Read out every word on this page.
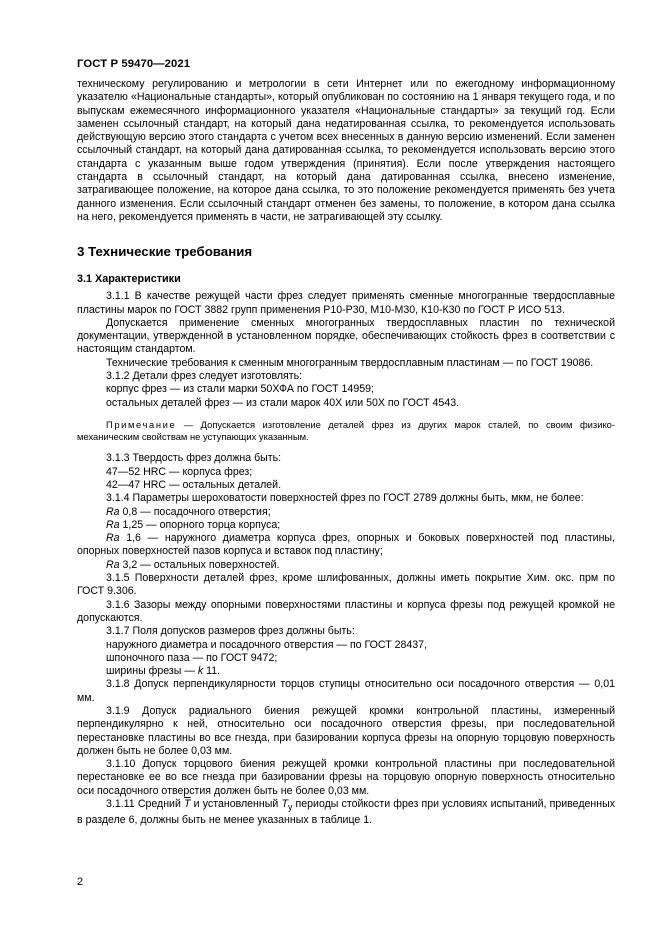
ГОСТ Р 59470—2021

техническому регулированию и метрологии в сети Интернет или по ежегодному информационному указателю «Национальные стандарты», который опубликован по состоянию на 1 января текущего года, и по выпускам ежемесячного информационного указателя «Национальные стандарты» за текущий год. Если заменен ссылочный стандарт, на который дана недатированная ссылка, то рекомендуется использовать действующую версию этого стандарта с учетом всех внесенных в данную версию изменений. Если заменен ссылочный стандарт, на который дана датированная ссылка, то рекомендуется использовать версию этого стандарта с указанным выше годом утверждения (принятия). Если после утверждения настоящего стандарта в ссылочный стандарт, на который дана датированная ссылка, внесено изменение, затрагивающее положение, на которое дана ссылка, то это положение рекомендуется применять без учета данного изменения. Если ссылочный стандарт отменен без замены, то положение, в котором дана ссылка на него, рекомендуется применять в части, не затрагивающей эту ссылку.

3 Технические требования

3.1 Характеристики

3.1.1 В качестве режущей части фрез следует применять сменные многогранные твердосплавные пластины марок по ГОСТ 3882 групп применения Р10-Р30, М10-М30, К10-К30 по ГОСТ Р ИСО 513.

Допускается применение сменных многогранных твердосплавных пластин по технической документации, утвержденной в установленном порядке, обеспечивающих стойкость фрез в соответствии с настоящим стандартом.

Технические требования к сменным многогранным твердосплавным пластинам — по ГОСТ 19086.

3.1.2 Детали фрез следует изготовлять:

корпус фрез — из стали марки 50ХФА по ГОСТ 14959;

остальных деталей фрез — из стали марок 40Х или 50Х по ГОСТ 4543.

Примечание — Допускается изготовление деталей фрез из других марок сталей, по своим физико-механическим свойствам не уступающих указанным.

3.1.3 Твердость фрез должна быть:

47—52 HRC — корпуса фрез;

42—47 HRC — остальных деталей.

3.1.4 Параметры шероховатости поверхностей фрез по ГОСТ 2789 должны быть, мкм, не более:

Ra 0,8 — посадочного отверстия;

Ra 1,25 — опорного торца корпуса;

Ra 1,6 — наружного диаметра корпуса фрез, опорных и боковых поверхностей под пластины, опорных поверхностей пазов корпуса и вставок под пластину;

Ra 3,2 — остальных поверхностей.

3.1.5 Поверхности деталей фрез, кроме шлифованных, должны иметь покрытие Хим. окс. прм по ГОСТ 9.306.

3.1.6 Зазоры между опорными поверхностями пластины и корпуса фрезы под режущей кромкой не допускаются.

3.1.7 Поля допусков размеров фрез должны быть:

наружного диаметра и посадочного отверстия — по ГОСТ 28437,

шпоночного паза — по ГОСТ 9472;

ширины фрезы — k 11.

3.1.8 Допуск перпендикулярности торцов ступицы относительно оси посадочного отверстия — 0,01 мм.

3.1.9 Допуск радиального биения режущей кромки контрольной пластины, измеренный перпендикулярно к ней, относительно оси посадочного отверстия фрезы, при последовательной перестановке пластины во все гнезда, при базировании корпуса фрезы на опорную торцовую поверхность должен быть не более 0,03 мм.

3.1.10 Допуск торцового биения режущей кромки контрольной пластины при последовательной перестановке ее во все гнезда при базировании фрезы на торцовую опорную поверхность относительно оси посадочного отверстия должен быть не более 0,03 мм.

3.1.11 Средний $\overline{T}$ и установленный $T_у$ периоды стойкости фрез при условиях испытаний, приведенных в разделе 6, должны быть не менее указанных в таблице 1.

2
